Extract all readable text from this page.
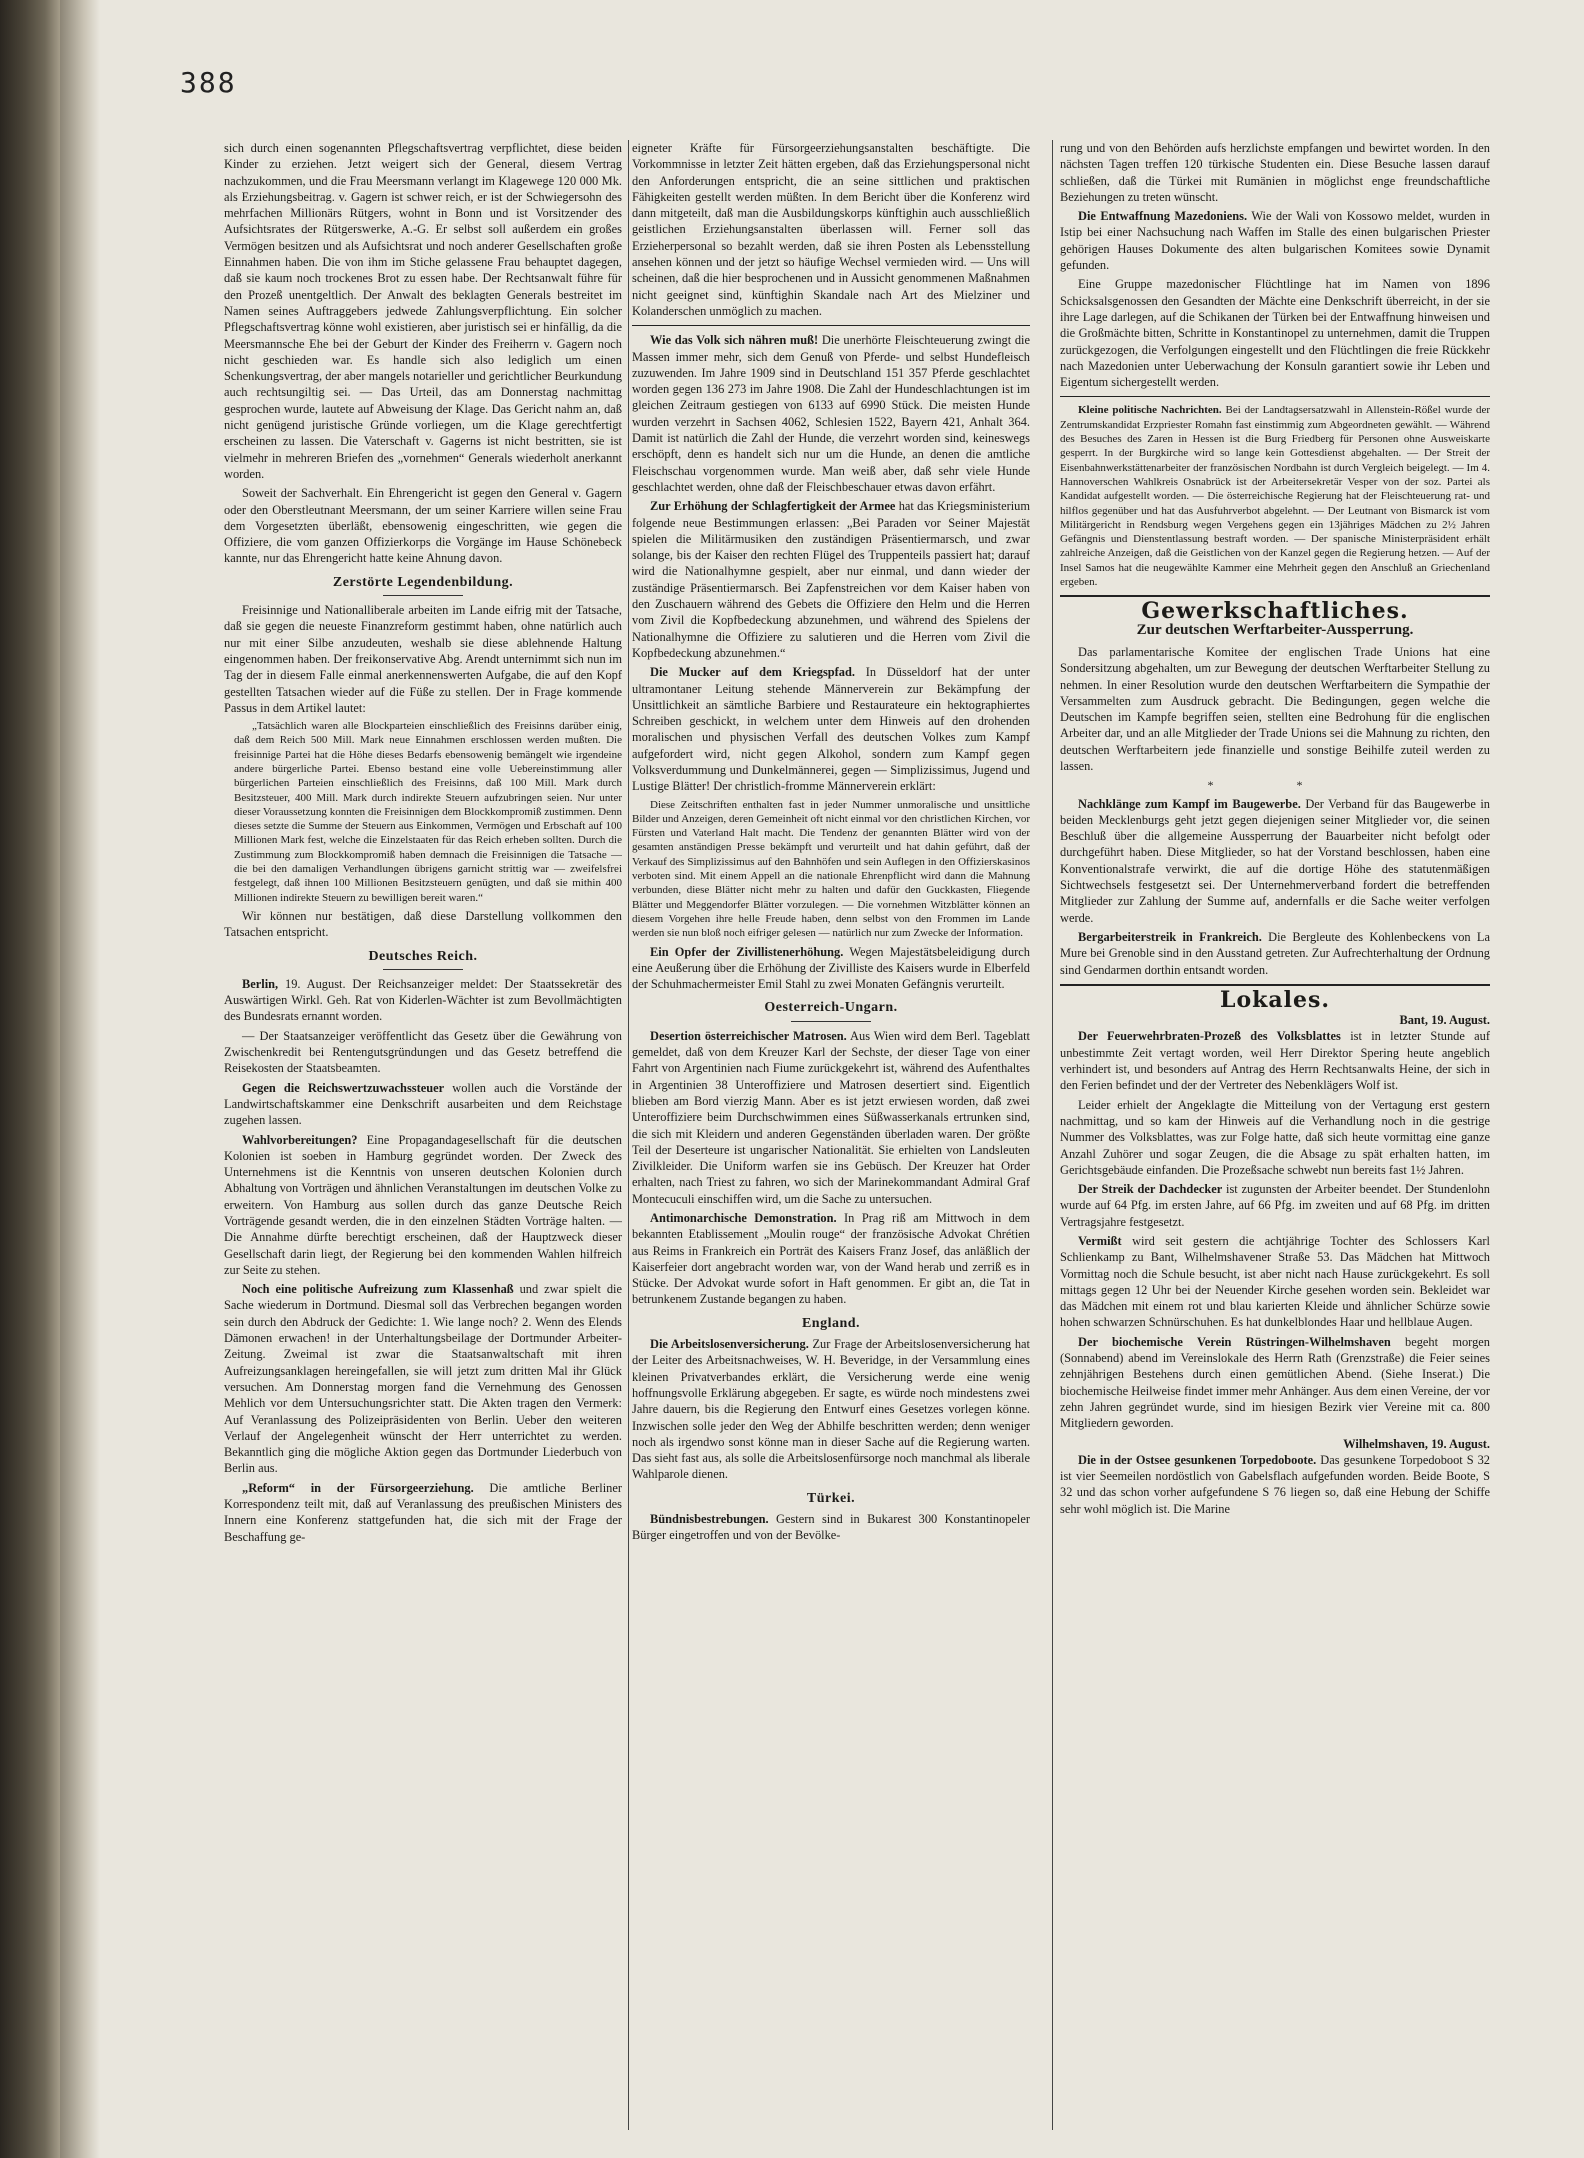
388

sich durch einen sogenannten Pflegschaftsvertrag verpflichtet, diese beiden Kinder zu erziehen. Jetzt weigert sich der General, diesem Vertrag nachzukommen, und die Frau Meersmann verlangt im Klagewege 120 000 Mk. als Erziehungsbeitrag. v. Gagern ist schwer reich, er ist der Schwiegersohn des mehrfachen Millionärs Rütgers, wohnt in Bonn und ist Vorsitzender des Aufsichtsrates der Rütgerswerke, A.-G. Er selbst soll außerdem ein großes Vermögen besitzen und als Aufsichtsrat und noch anderer Gesellschaften große Einnahmen haben. Die von ihm im Stiche gelassene Frau behauptet dagegen, daß sie kaum noch trockenes Brot zu essen habe. Der Rechtsanwalt führe für den Prozeß unentgeltlich. Der Anwalt des beklagten Generals bestreitet im Namen seines Auftraggebers jedwede Zahlungsverpflichtung. Ein solcher Pflegschaftsvertrag könne wohl existieren, aber juristisch sei er hinfällig, da die Meersmannsche Ehe bei der Geburt der Kinder des Freiherrn v. Gagern noch nicht geschieden war. Es handle sich also lediglich um einen Schenkungsvertrag, der aber mangels notarieller und gerichtlicher Beurkundung auch rechtsungiltig sei. — Das Urteil, das am Donnerstag nachmittag gesprochen wurde, lautete auf Abweisung der Klage. Das Gericht nahm an, daß nicht genügend juristische Gründe vorliegen, um die Klage gerechtfertigt erscheinen zu lassen. Die Vaterschaft v. Gagerns ist nicht bestritten, sie ist vielmehr in mehreren Briefen des „vornehmen“ Generals wiederholt anerkannt worden.

Soweit der Sachverhalt. Ein Ehrengericht ist gegen den General v. Gagern oder den Oberstleutnant Meersmann, der um seiner Karriere willen seine Frau dem Vorgesetzten überläßt, ebensowenig eingeschritten, wie gegen die Offiziere, die vom ganzen Offizierkorps die Vorgänge im Hause Schönebeck kannte, nur das Ehrengericht hatte keine Ahnung davon.

Zerstörte Legendenbildung.

Freisinnige und Nationalliberale arbeiten im Lande eifrig mit der Tatsache, daß sie gegen die neueste Finanzreform gestimmt haben, ohne natürlich auch nur mit einer Silbe anzudeuten, weshalb sie diese ablehnende Haltung eingenommen haben. Der freikonservative Abg. Arendt unternimmt sich nun im Tag der in diesem Falle einmal anerkennenswerten Aufgabe, die auf den Kopf gestellten Tatsachen wieder auf die Füße zu stellen. Der in Frage kommende Passus in dem Artikel lautet:

„Tatsächlich waren alle Blockparteien einschließlich des Freisinns darüber einig, daß dem Reich 500 Mill. Mark neue Einnahmen erschlossen werden mußten. Die freisinnige Partei hat die Höhe dieses Bedarfs ebensowenig bemängelt wie irgendeine andere bürgerliche Partei. Ebenso bestand eine volle Uebereinstimmung aller bürgerlichen Parteien einschließlich des Freisinns, daß 100 Mill. Mark durch Besitzsteuer, 400 Mill. Mark durch indirekte Steuern aufzubringen seien. Nur unter dieser Voraussetzung konnten die Freisinnigen dem Blockkompromiß zustimmen. Denn dieses setzte die Summe der Steuern aus Einkommen, Vermögen und Erbschaft auf 100 Millionen Mark fest, welche die Einzelstaaten für das Reich erheben sollten. Durch die Zustimmung zum Blockkompromiß haben demnach die Freisinnigen die Tatsache — die bei den damaligen Verhandlungen übrigens garnicht strittig war — zweifelsfrei festgelegt, daß ihnen 100 Millionen Besitzsteuern genügten, und daß sie mithin 400 Millionen indirekte Steuern zu bewilligen bereit waren.“

Wir können nur bestätigen, daß diese Darstellung vollkommen den Tatsachen entspricht.

Deutsches Reich.

Berlin, 19. August. Der Reichsanzeiger meldet: Der Staatssekretär des Auswärtigen Wirkl. Geh. Rat von Kiderlen-Wächter ist zum Bevollmächtigten des Bundesrats ernannt worden.

— Der Staatsanzeiger veröffentlicht das Gesetz über die Gewährung von Zwischenkredit bei Rentengutsgründungen und das Gesetz betreffend die Reisekosten der Staatsbeamten.

Gegen die Reichswertzuwachssteuer wollen auch die Vorstände der Landwirtschaftskammer eine Denkschrift ausarbeiten und dem Reichstage zugehen lassen.

Wahlvorbereitungen? Eine Propagandagesellschaft für die deutschen Kolonien ist soeben in Hamburg gegründet worden. Der Zweck des Unternehmens ist die Kenntnis von unseren deutschen Kolonien durch Abhaltung von Vorträgen und ähnlichen Veranstaltungen im deutschen Volke zu erweitern. Von Hamburg aus sollen durch das ganze Deutsche Reich Vorträgende gesandt werden, die in den einzelnen Städten Vorträge halten. — Die Annahme dürfte berechtigt erscheinen, daß der Hauptzweck dieser Gesellschaft darin liegt, der Regierung bei den kommenden Wahlen hilfreich zur Seite zu stehen.

Noch eine politische Aufreizung zum Klassenhaß und zwar spielt die Sache wiederum in Dortmund. Diesmal soll das Verbrechen begangen worden sein durch den Abdruck der Gedichte: 1. Wie lange noch? 2. Wenn des Elends Dämonen erwachen! in der Unterhaltungsbeilage der Dortmunder Arbeiter-Zeitung. Zweimal ist zwar die Staatsanwaltschaft mit ihren Aufreizungsanklagen hereingefallen, sie will jetzt zum dritten Mal ihr Glück versuchen. Am Donnerstag morgen fand die Vernehmung des Genossen Mehlich vor dem Untersuchungsrichter statt. Die Akten tragen den Vermerk: Auf Veranlassung des Polizeipräsidenten von Berlin. Ueber den weiteren Verlauf der Angelegenheit wünscht der Herr unterrichtet zu werden. Bekanntlich ging die mögliche Aktion gegen das Dortmunder Liederbuch von Berlin aus.

„Reform“ in der Fürsorgeerziehung. Die amtliche Berliner Korrespondenz teilt mit, daß auf Veranlassung des preußischen Ministers des Innern eine Konferenz stattgefunden hat, die sich mit der Frage der Beschaffung ge-

eigneter Kräfte für Fürsorgeerziehungsanstalten beschäftigte. Die Vorkommnisse in letzter Zeit hätten ergeben, daß das Erziehungspersonal nicht den Anforderungen entspricht, die an seine sittlichen und praktischen Fähigkeiten gestellt werden müßten. In dem Bericht über die Konferenz wird dann mitgeteilt, daß man die Ausbildungskorps künftighin auch ausschließlich geistlichen Erziehungsanstalten überlassen will. Ferner soll das Erzieherpersonal so bezahlt werden, daß sie ihren Posten als Lebensstellung ansehen können und der jetzt so häufige Wechsel vermieden wird. — Uns will scheinen, daß die hier besprochenen und in Aussicht genommenen Maßnahmen nicht geeignet sind, künftighin Skandale nach Art des Mielziner und Kolanderschen unmöglich zu machen.

Wie das Volk sich nähren muß! Die unerhörte Fleischteuerung zwingt die Massen immer mehr, sich dem Genuß von Pferde- und selbst Hundefleisch zuzuwenden. Im Jahre 1909 sind in Deutschland 151 357 Pferde geschlachtet worden gegen 136 273 im Jahre 1908. Die Zahl der Hundeschlachtungen ist im gleichen Zeitraum gestiegen von 6133 auf 6990 Stück. Die meisten Hunde wurden verzehrt in Sachsen 4062, Schlesien 1522, Bayern 421, Anhalt 364. Damit ist natürlich die Zahl der Hunde, die verzehrt worden sind, keineswegs erschöpft, denn es handelt sich nur um die Hunde, an denen die amtliche Fleischschau vorgenommen wurde. Man weiß aber, daß sehr viele Hunde geschlachtet werden, ohne daß der Fleischbeschauer etwas davon erfährt.

Zur Erhöhung der Schlagfertigkeit der Armee hat das Kriegsministerium folgende neue Bestimmungen erlassen: „Bei Paraden vor Seiner Majestät spielen die Militärmusiken den zuständigen Präsentiermarsch, und zwar solange, bis der Kaiser den rechten Flügel des Truppenteils passiert hat; darauf wird die Nationalhymne gespielt, aber nur einmal, und dann wieder der zuständige Präsentiermarsch. Bei Zapfenstreichen vor dem Kaiser haben von den Zuschauern während des Gebets die Offiziere den Helm und die Herren vom Zivil die Kopfbedeckung abzunehmen, und während des Spielens der Nationalhymne die Offiziere zu salutieren und die Herren vom Zivil die Kopfbedeckung abzunehmen.“

Die Mucker auf dem Kriegspfad. In Düsseldorf hat der unter ultramontaner Leitung stehende Männerverein zur Bekämpfung der Unsittlichkeit an sämtliche Barbiere und Restaurateure ein hektographiertes Schreiben geschickt, in welchem unter dem Hinweis auf den drohenden moralischen und physischen Verfall des deutschen Volkes zum Kampf aufgefordert wird, nicht gegen Alkohol, sondern zum Kampf gegen Volksverdummung und Dunkelmännerei, gegen — Simplizissimus, Jugend und Lustige Blätter! Der christlich-fromme Männerverein erklärt:

Diese Zeitschriften enthalten fast in jeder Nummer unmoralische und unsittliche Bilder und Anzeigen, deren Gemeinheit oft nicht einmal vor den christlichen Kirchen, vor Fürsten und Vaterland Halt macht. Die Tendenz der genannten Blätter wird von der gesamten anständigen Presse bekämpft und verurteilt und hat dahin geführt, daß der Verkauf des Simplizissimus auf den Bahnhöfen und sein Auflegen in den Offizierskasinos verboten sind. Mit einem Appell an die nationale Ehrenpflicht wird dann die Mahnung verbunden, diese Blätter nicht mehr zu halten und dafür den Guckkasten, Fliegende Blätter und Meggendorfer Blätter vorzulegen. — Die vornehmen Witzblätter können an diesem Vorgehen ihre helle Freude haben, denn selbst von den Frommen im Lande werden sie nun bloß noch eifriger gelesen — natürlich nur zum Zwecke der Information.

Ein Opfer der Zivillistenerhöhung. Wegen Majestätsbeleidigung durch eine Aeußerung über die Erhöhung der Zivilliste des Kaisers wurde in Elberfeld der Schuhmachermeister Emil Stahl zu zwei Monaten Gefängnis verurteilt.

Oesterreich-Ungarn.

Desertion österreichischer Matrosen. Aus Wien wird dem Berl. Tageblatt gemeldet, daß von dem Kreuzer Karl der Sechste, der dieser Tage von einer Fahrt von Argentinien nach Fiume zurückgekehrt ist, während des Aufenthaltes in Argentinien 38 Unteroffiziere und Matrosen desertiert sind. Eigentlich blieben am Bord vierzig Mann. Aber es ist jetzt erwiesen worden, daß zwei Unteroffiziere beim Durchschwimmen eines Süßwasserkanals ertrunken sind, die sich mit Kleidern und anderen Gegenständen überladen waren. Der größte Teil der Deserteure ist ungarischer Nationalität. Sie erhielten von Landsleuten Zivilkleider. Die Uniform warfen sie ins Gebüsch. Der Kreuzer hat Order erhalten, nach Triest zu fahren, wo sich der Marinekommandant Admiral Graf Montecuculi einschiffen wird, um die Sache zu untersuchen.

Antimonarchische Demonstration. In Prag riß am Mittwoch in dem bekannten Etablissement „Moulin rouge“ der französische Advokat Chrétien aus Reims in Frankreich ein Porträt des Kaisers Franz Josef, das anläßlich der Kaiserfeier dort angebracht worden war, von der Wand herab und zerriß es in Stücke. Der Advokat wurde sofort in Haft genommen. Er gibt an, die Tat in betrunkenem Zustande begangen zu haben.

England.

Die Arbeitslosenversicherung. Zur Frage der Arbeitslosenversicherung hat der Leiter des Arbeitsnachweises, W. H. Beveridge, in der Versammlung eines kleinen Privatverbandes erklärt, die Versicherung werde eine wenig hoffnungsvolle Erklärung abgegeben. Er sagte, es würde noch mindestens zwei Jahre dauern, bis die Regierung den Entwurf eines Gesetzes vorlegen könne. Inzwischen solle jeder den Weg der Abhilfe beschritten werden; denn weniger noch als irgendwo sonst könne man in dieser Sache auf die Regierung warten. Das sieht fast aus, als solle die Arbeitslosenfürsorge noch manchmal als liberale Wahlparole dienen.

Türkei.

Bündnisbestrebungen. Gestern sind in Bukarest 300 Konstantinopeler Bürger eingetroffen und von der Bevölke-

rung und von den Behörden aufs herzlichste empfangen und bewirtet worden. In den nächsten Tagen treffen 120 türkische Studenten ein. Diese Besuche lassen darauf schließen, daß die Türkei mit Rumänien in möglichst enge freundschaftliche Beziehungen zu treten wünscht.

Die Entwaffnung Mazedoniens. Wie der Wali von Kossowo meldet, wurden in Istip bei einer Nachsuchung nach Waffen im Stalle des einen bulgarischen Priester gehörigen Hauses Dokumente des alten bulgarischen Komitees sowie Dynamit gefunden.

Eine Gruppe mazedonischer Flüchtlinge hat im Namen von 1896 Schicksalsgenossen den Gesandten der Mächte eine Denkschrift überreicht, in der sie ihre Lage darlegen, auf die Schikanen der Türken bei der Entwaffnung hinweisen und die Großmächte bitten, Schritte in Konstantinopel zu unternehmen, damit die Truppen zurückgezogen, die Verfolgungen eingestellt und den Flüchtlingen die freie Rückkehr nach Mazedonien unter Ueberwachung der Konsuln garantiert sowie ihr Leben und Eigentum sichergestellt werden.

Kleine politische Nachrichten. Bei der Landtagsersatzwahl in Allenstein-Rößel wurde der Zentrumskandidat Erzpriester Romahn fast einstimmig zum Abgeordneten gewählt. — Während des Besuches des Zaren in Hessen ist die Burg Friedberg für Personen ohne Ausweiskarte gesperrt. In der Burgkirche wird so lange kein Gottesdienst abgehalten. — Der Streit der Eisenbahnwerkstättenarbeiter der französischen Nordbahn ist durch Vergleich beigelegt. — Im 4. Hannoverschen Wahlkreis Osnabrück ist der Arbeitersekretär Vesper von der soz. Partei als Kandidat aufgestellt worden. — Die österreichische Regierung hat der Fleischteuerung rat- und hilflos gegenüber und hat das Ausfuhrverbot abgelehnt. — Der Leutnant von Bismarck ist vom Militärgericht in Rendsburg wegen Vergehens gegen ein 13jähriges Mädchen zu 2½ Jahren Gefängnis und Dienstentlassung bestraft worden. — Der spanische Ministerpräsident erhält zahlreiche Anzeigen, daß die Geistlichen von der Kanzel gegen die Regierung hetzen. — Auf der Insel Samos hat die neugewählte Kammer eine Mehrheit gegen den Anschluß an Griechenland ergeben.

Gewerkschaftliches.
Zur deutschen Werftarbeiter-Aussperrung.

Das parlamentarische Komitee der englischen Trade Unions hat eine Sondersitzung abgehalten, um zur Bewegung der deutschen Werftarbeiter Stellung zu nehmen. In einer Resolution wurde den deutschen Werftarbeitern die Sympathie der Versammelten zum Ausdruck gebracht. Die Bedingungen, gegen welche die Deutschen im Kampfe begriffen seien, stellten eine Bedrohung für die englischen Arbeiter dar, und an alle Mitglieder der Trade Unions sei die Mahnung zu richten, den deutschen Werftarbeitern jede finanzielle und sonstige Beihilfe zuteil werden zu lassen.

* *

Nachklänge zum Kampf im Baugewerbe. Der Verband für das Baugewerbe in beiden Mecklenburgs geht jetzt gegen diejenigen seiner Mitglieder vor, die seinen Beschluß über die allgemeine Aussperrung der Bauarbeiter nicht befolgt oder durchgeführt haben. Diese Mitglieder, so hat der Vorstand beschlossen, haben eine Konventionalstrafe verwirkt, die auf die dortige Höhe des statutenmäßigen Sichtwechsels festgesetzt sei. Der Unternehmerverband fordert die betreffenden Mitglieder zur Zahlung der Summe auf, andernfalls er die Sache weiter verfolgen werde.

Bergarbeiterstreik in Frankreich. Die Bergleute des Kohlenbeckens von La Mure bei Grenoble sind in den Ausstand getreten. Zur Aufrechterhaltung der Ordnung sind Gendarmen dorthin entsandt worden.

Lokales.
Bant, 19. August.

Der Feuerwehrbraten-Prozeß des Volksblattes ist in letzter Stunde auf unbestimmte Zeit vertagt worden, weil Herr Direktor Spering heute angeblich verhindert ist, und besonders auf Antrag des Herrn Rechtsanwalts Heine, der sich in den Ferien befindet und der der Vertreter des Nebenklägers Wolf ist.

Leider erhielt der Angeklagte die Mitteilung von der Vertagung erst gestern nachmittag, und so kam der Hinweis auf die Verhandlung noch in die gestrige Nummer des Volksblattes, was zur Folge hatte, daß sich heute vormittag eine ganze Anzahl Zuhörer und sogar Zeugen, die die Absage zu spät erhalten hatten, im Gerichtsgebäude einfanden. Die Prozeßsache schwebt nun bereits fast 1½ Jahren.

Der Streik der Dachdecker ist zugunsten der Arbeiter beendet. Der Stundenlohn wurde auf 64 Pfg. im ersten Jahre, auf 66 Pfg. im zweiten und auf 68 Pfg. im dritten Vertragsjahre festgesetzt.

Vermißt wird seit gestern die achtjährige Tochter des Schlossers Karl Schlienkamp zu Bant, Wilhelmshavener Straße 53. Das Mädchen hat Mittwoch Vormittag noch die Schule besucht, ist aber nicht nach Hause zurückgekehrt. Es soll mittags gegen 12 Uhr bei der Neuender Kirche gesehen worden sein. Bekleidet war das Mädchen mit einem rot und blau karierten Kleide und ähnlicher Schürze sowie hohen schwarzen Schnürschuhen. Es hat dunkelblondes Haar und hellblaue Augen.

Der biochemische Verein Rüstringen-Wilhelmshaven begeht morgen (Sonnabend) abend im Vereinslokale des Herrn Rath (Grenzstraße) die Feier seines zehnjährigen Bestehens durch einen gemütlichen Abend. (Siehe Inserat.) Die biochemische Heilweise findet immer mehr Anhänger. Aus dem einen Vereine, der vor zehn Jahren gegründet wurde, sind im hiesigen Bezirk vier Vereine mit ca. 800 Mitgliedern geworden.

Wilhelmshaven, 19. August.

Die in der Ostsee gesunkenen Torpedoboote. Das gesunkene Torpedoboot S 32 ist vier Seemeilen nordöstlich von Gabelsflach aufgefunden worden. Beide Boote, S 32 und das schon vorher aufgefundene S 76 liegen so, daß eine Hebung der Schiffe sehr wohl möglich ist. Die Marine
